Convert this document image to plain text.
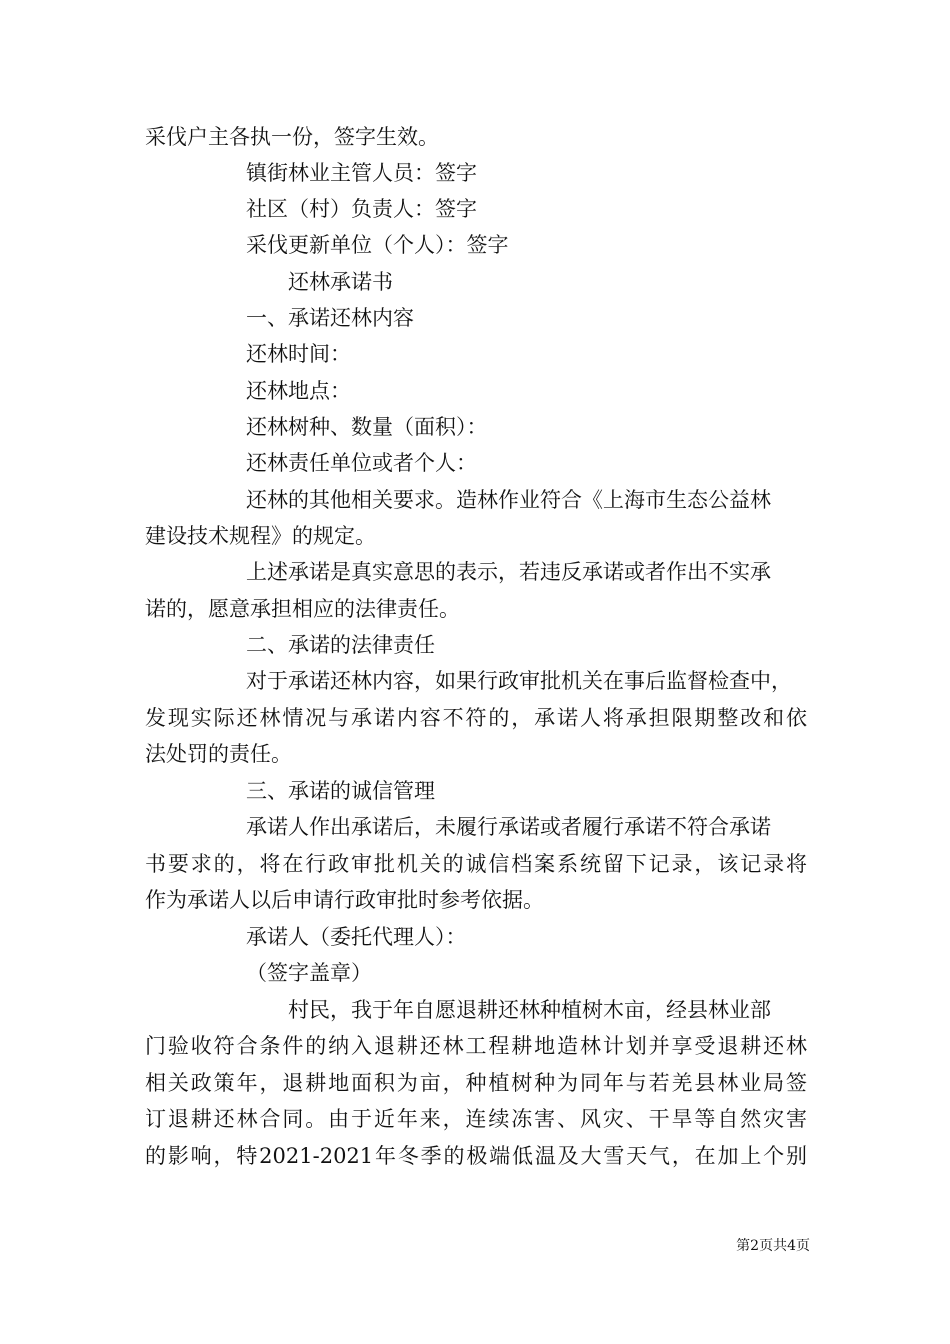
采伐户主各执一份，签字生效。
镇街林业主管人员：签字
社区（村）负责人：签字
采伐更新单位（个人）：签字
还林承诺书
一、承诺还林内容
还林时间：
还林地点：
还林树种、数量（面积）：
还林责任单位或者个人：
还林的其他相关要求。造林作业符合《上海市生态公益林
建设技术规程》的规定。
上述承诺是真实意思的表示，若违反承诺或者作出不实承
诺的，愿意承担相应的法律责任。
二、承诺的法律责任
对于承诺还林内容，如果行政审批机关在事后监督检查中，
发现实际还林情况与承诺内容不符的，承诺人将承担限期整改和依
法处罚的责任。
三、承诺的诚信管理
承诺人作出承诺后，未履行承诺或者履行承诺不符合承诺
书要求的，将在行政审批机关的诚信档案系统留下记录，该记录将
作为承诺人以后申请行政审批时参考依据。
承诺人（委托代理人）：
（签字盖章）
村民，我于年自愿退耕还林种植树木亩，经县林业部
门验收符合条件的纳入退耕还林工程耕地造林计划并享受退耕还林
相关政策年，退耕地面积为亩，种植树种为同年与若羌县林业局签
订退耕还林合同。由于近年来，连续冻害、风灾、干旱等自然灾害
的影响，特2021-2021年冬季的极端低温及大雪天气，在加上个别
第2页共4页
